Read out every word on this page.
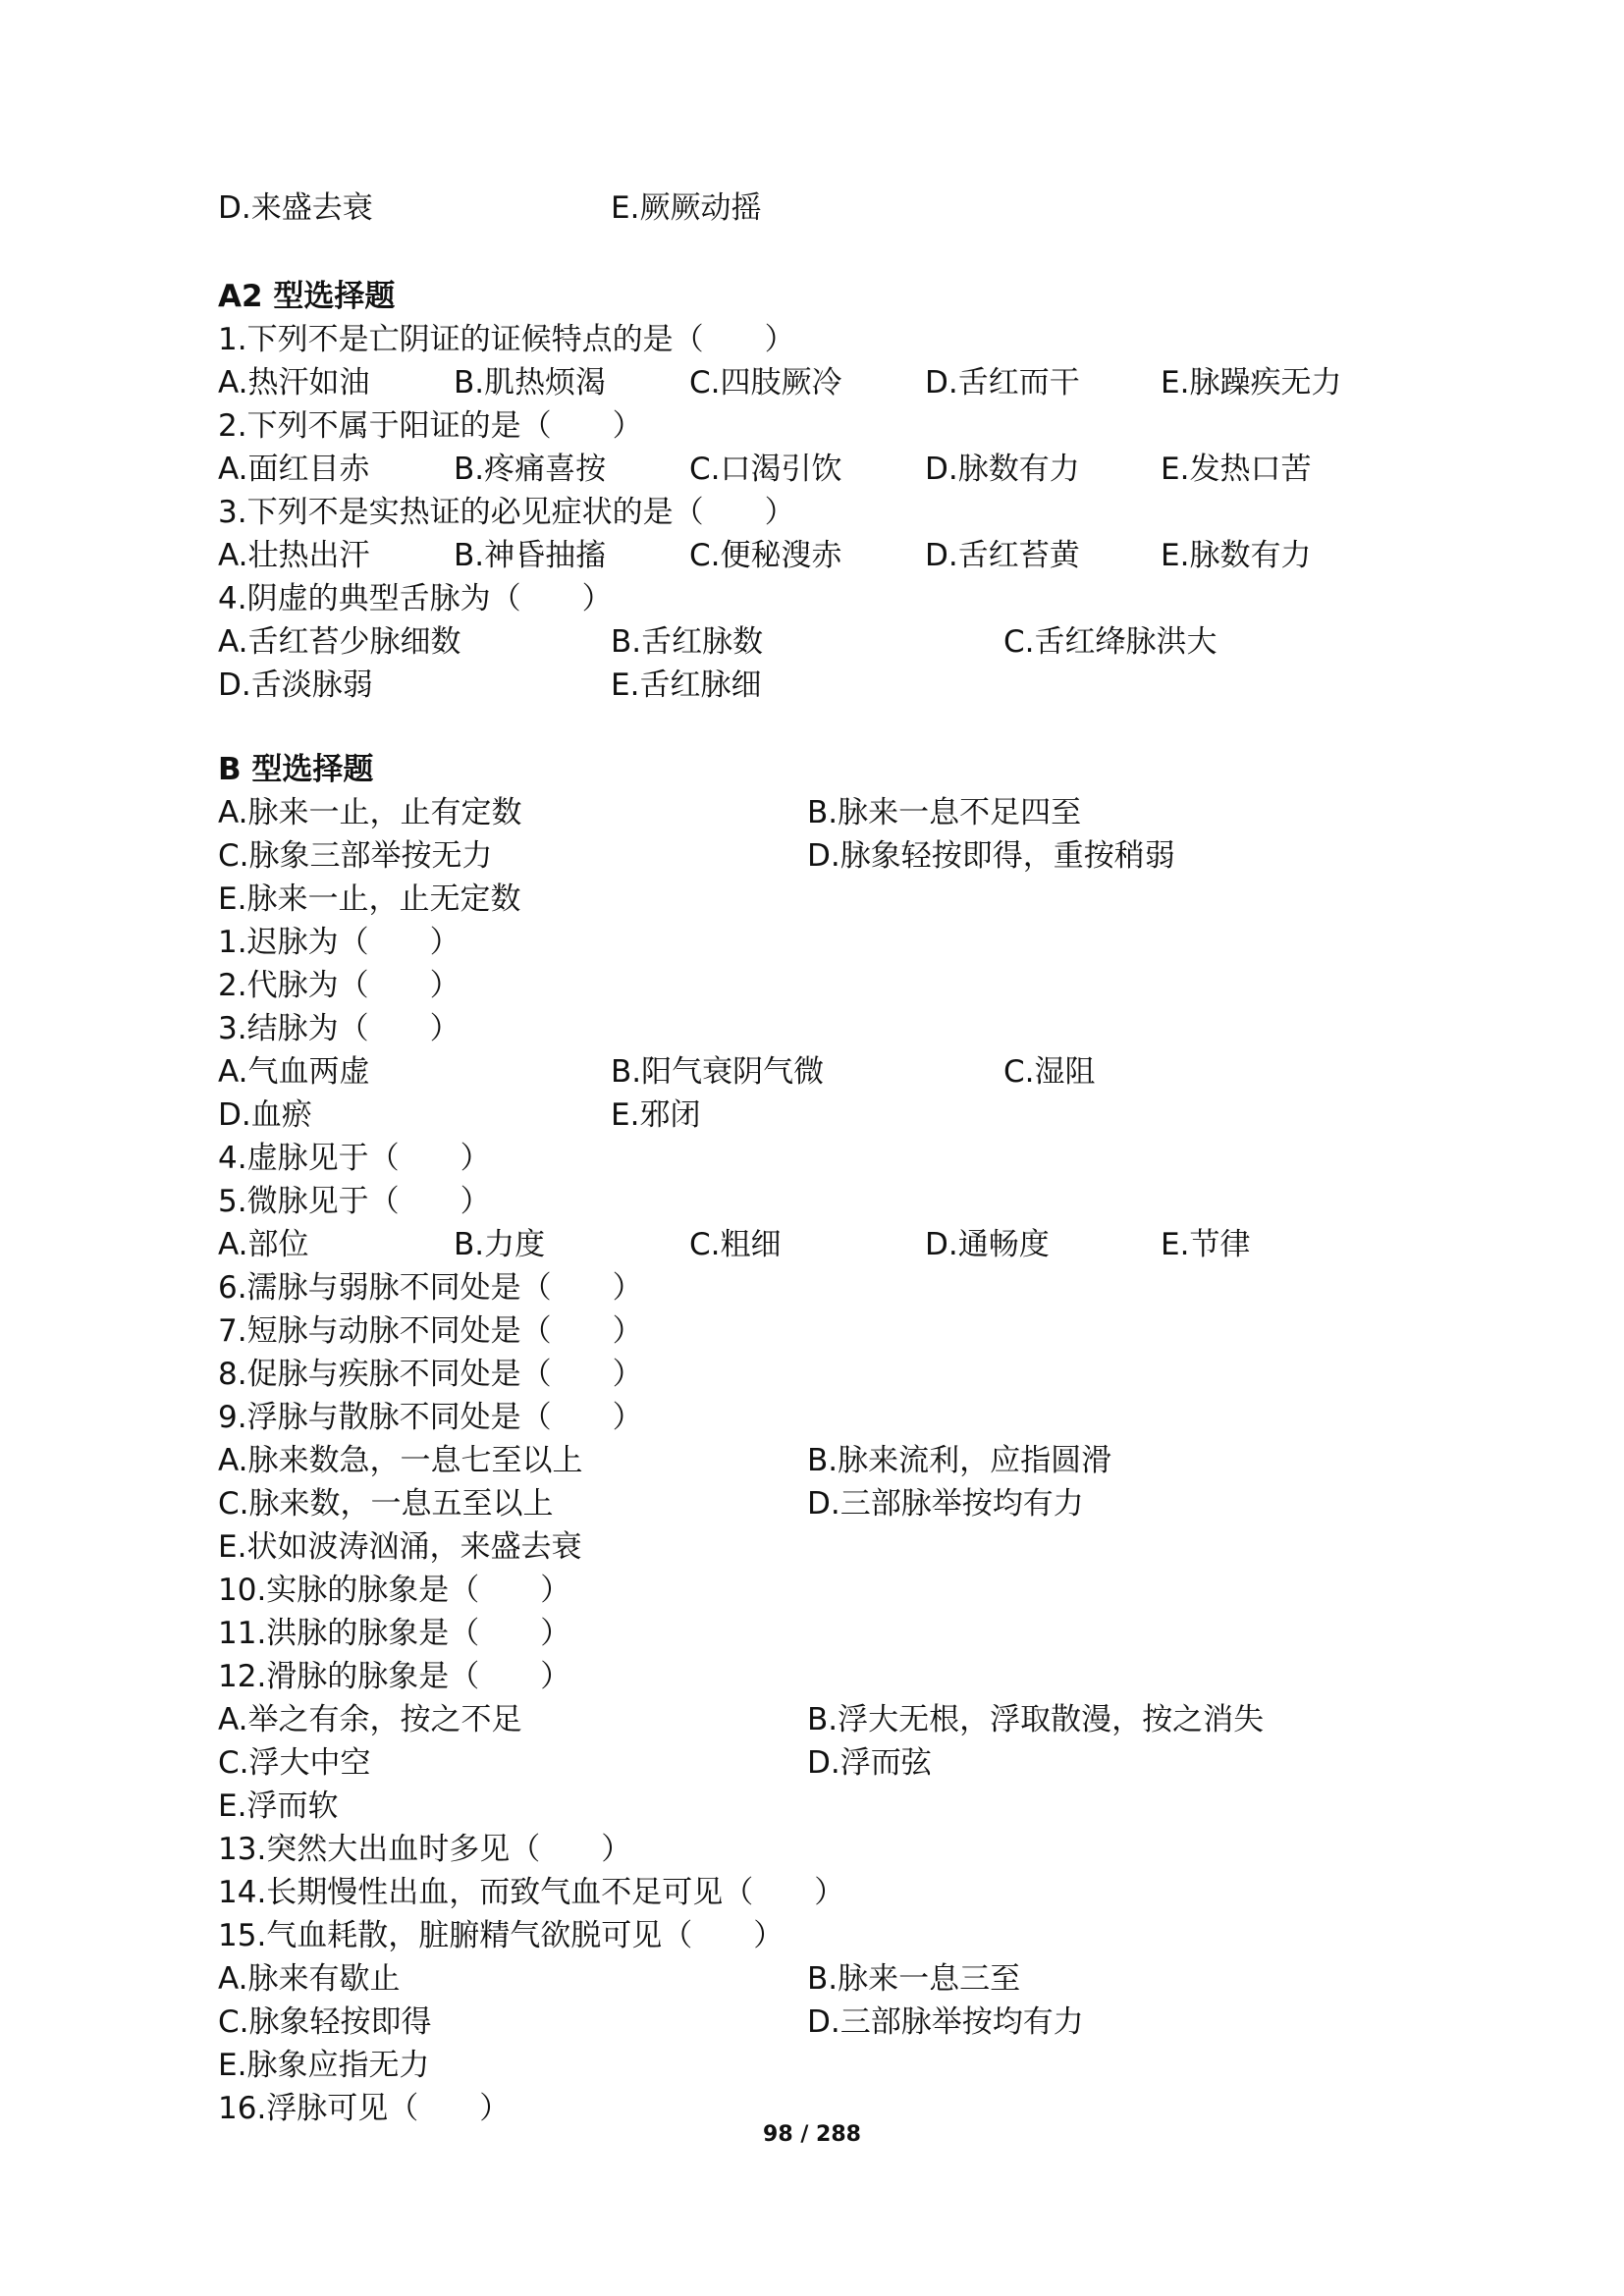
D.来盛去衰	E.厥厥动摇
A2 型选择题
1.下列不是亡阴证的证候特点的是（　　）
A.热汗如油	B.肌热烦渴	C.四肢厥冷	D.舌红而干	E.脉躁疾无力
2.下列不属于阳证的是（　　）
A.面红目赤	B.疼痛喜按	C.口渴引饮	D.脉数有力	E.发热口苦
3.下列不是实热证的必见症状的是（　　）
A.壮热出汗	B.神昏抽搐	C.便秘溲赤	D.舌红苔黄	E.脉数有力
4.阴虚的典型舌脉为（　　）
A.舌红苔少脉细数	B.舌红脉数	C.舌红绛脉洪大
D.舌淡脉弱	E.舌红脉细
B 型选择题
A.脉来一止，止有定数	B.脉来一息不足四至
C.脉象三部举按无力	D.脉象轻按即得，重按稍弱
E.脉来一止，止无定数
1.迟脉为（　　）
2.代脉为（　　）
3.结脉为（　　）
A.气血两虚	B.阳气衰阴气微	C.湿阻
D.血瘀	E.邪闭
4.虚脉见于（　　）
5.微脉见于（　　）
A.部位	B.力度	C.粗细	D.通畅度	E.节律
6.濡脉与弱脉不同处是（　　）
7.短脉与动脉不同处是（　　）
8.促脉与疾脉不同处是（　　）
9.浮脉与散脉不同处是（　　）
A.脉来数急，一息七至以上	B.脉来流利，应指圆滑
C.脉来数，一息五至以上	D.三部脉举按均有力
E.状如波涛汹涌，来盛去衰
10.实脉的脉象是（　　）
11.洪脉的脉象是（　　）
12.滑脉的脉象是（　　）
A.举之有余，按之不足	B.浮大无根，浮取散漫，按之消失
C.浮大中空	D.浮而弦
E.浮而软
13.突然大出血时多见（　　）
14.长期慢性出血，而致气血不足可见（　　）
15.气血耗散，脏腑精气欲脱可见（　　）
A.脉来有歇止	B.脉来一息三至
C.脉象轻按即得	D.三部脉举按均有力
E.脉象应指无力
16.浮脉可见（　　）
98 / 288
